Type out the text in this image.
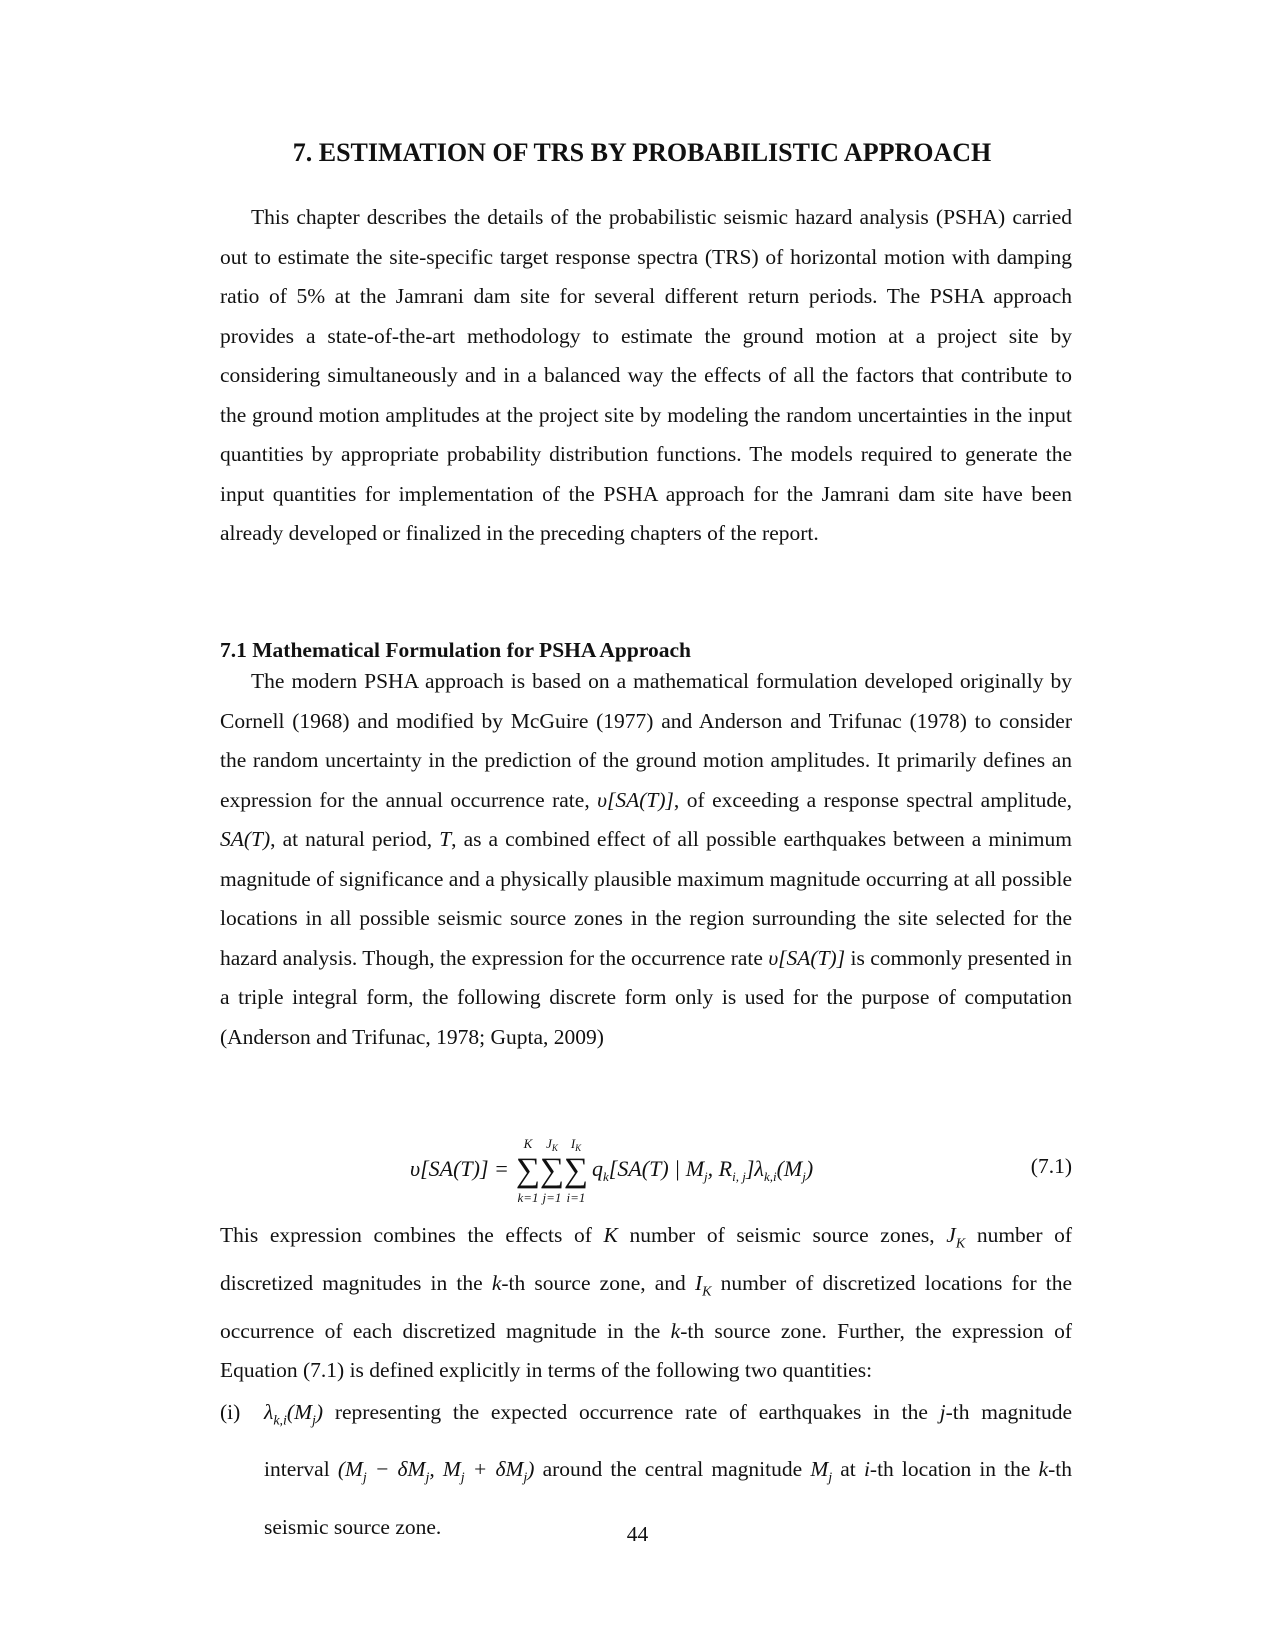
7. ESTIMATION OF TRS BY PROBABILISTIC APPROACH
This chapter describes the details of the probabilistic seismic hazard analysis (PSHA) carried out to estimate the site-specific target response spectra (TRS) of horizontal motion with damping ratio of 5% at the Jamrani dam site for several different return periods. The PSHA approach provides a state-of-the-art methodology to estimate the ground motion at a project site by considering simultaneously and in a balanced way the effects of all the factors that contribute to the ground motion amplitudes at the project site by modeling the random uncertainties in the input quantities by appropriate probability distribution functions. The models required to generate the input quantities for implementation of the PSHA approach for the Jamrani dam site have been already developed or finalized in the preceding chapters of the report.
7.1 Mathematical Formulation for PSHA Approach
The modern PSHA approach is based on a mathematical formulation developed originally by Cornell (1968) and modified by McGuire (1977) and Anderson and Trifunac (1978) to consider the random uncertainty in the prediction of the ground motion amplitudes. It primarily defines an expression for the annual occurrence rate, υ[SA(T)], of exceeding a response spectral amplitude, SA(T), at natural period, T, as a combined effect of all possible earthquakes between a minimum magnitude of significance and a physically plausible maximum magnitude occurring at all possible locations in all possible seismic source zones in the region surrounding the site selected for the hazard analysis. Though, the expression for the occurrence rate υ[SA(T)] is commonly presented in a triple integral form, the following discrete form only is used for the purpose of computation (Anderson and Trifunac, 1978; Gupta, 2009)
υ[SA(T)] =
K
∑
k=1
$J_K$
∑
j=1
$I_K$
∑
i=1
$q_k[SA(T)$ | $M_j$, $R_{i, j}]\lambda_{k,i}(M_j)$	(7.1)
This expression combines the effects of K number of seismic source zones, $J_K$ number of discretized magnitudes in the k-th source zone, and $I_K$ number of discretized locations for the occurrence of each discretized magnitude in the k-th source zone. Further, the expression of Equation (7.1) is defined explicitly in terms of the following two quantities:
(i) $\lambda_{k,i}(M_j)$ representing the expected occurrence rate of earthquakes in the j-th magnitude interval ($M_j - \delta M_j$, $M_j + \delta M_j$) around the central magnitude $M_j$ at i-th location in the k-th seismic source zone.	44
